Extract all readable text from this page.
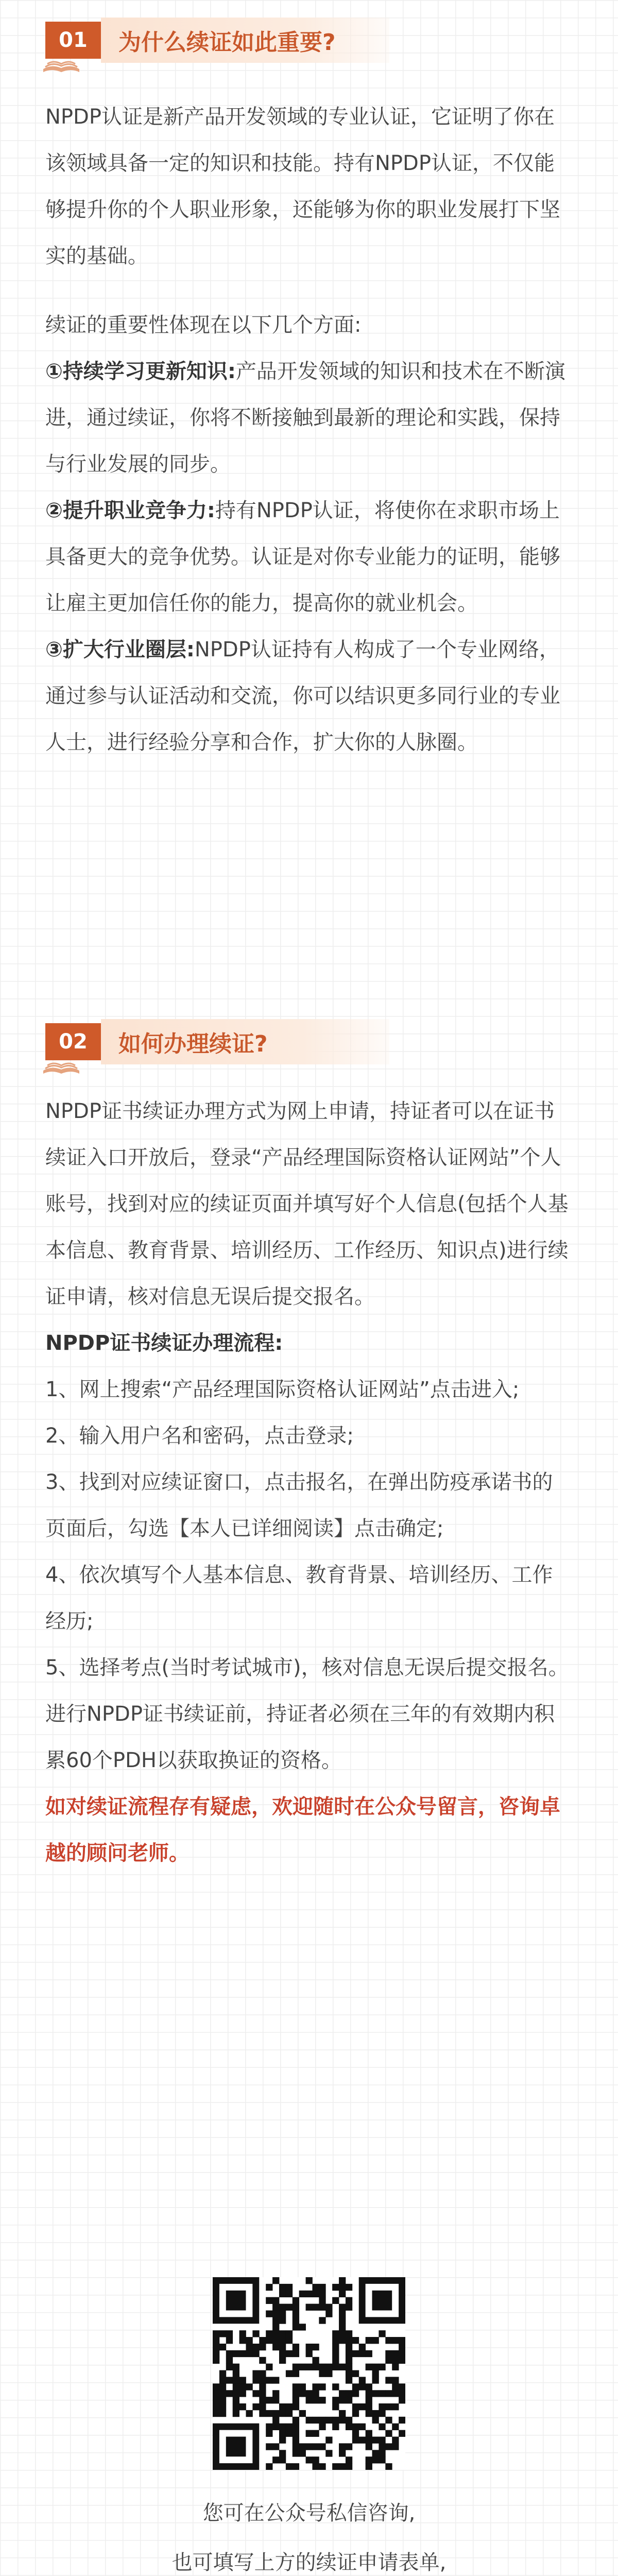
01	为什么续证如此重要?

NPDP认证是新产品开发领域的专业认证，它证明了你在该领域具备一定的知识和技能。持有NPDP认证，不仅能够提升你的个人职业形象，还能够为你的职业发展打下坚实的基础。

续证的重要性体现在以下几个方面:

①持续学习更新知识:产品开发领域的知识和技术在不断演进，通过续证，你将不断接触到最新的理论和实践，保持与行业发展的同步。

②提升职业竞争力:持有NPDP认证，将使你在求职市场上具备更大的竞争优势。认证是对你专业能力的证明，能够让雇主更加信任你的能力，提高你的就业机会。

③扩大行业圈层:NPDP认证持有人构成了一个专业网络，通过参与认证活动和交流，你可以结识更多同行业的专业人士，进行经验分享和合作，扩大你的人脉圈。

02	如何办理续证?

NPDP证书续证办理方式为网上申请，持证者可以在证书续证入口开放后，登录“产品经理国际资格认证网站”个人账号，找到对应的续证页面并填写好个人信息(包括个人基本信息、教育背景、培训经历、工作经历、知识点)进行续证申请，核对信息无误后提交报名。

NPDP证书续证办理流程:

1、网上搜索“产品经理国际资格认证网站”点击进入;

2、输入用户名和密码，点击登录;

3、找到对应续证窗口，点击报名，在弹出防疫承诺书的页面后，勾选【本人已详细阅读】点击确定;

4、依次填写个人基本信息、教育背景、培训经历、工作经历;

5、选择考点(当时考试城市)，核对信息无误后提交报名。

进行NPDP证书续证前，持证者必须在三年的有效期内积累60个PDH以获取换证的资格。

如对续证流程存有疑虑，欢迎随时在公众号留言，咨询卓越的顾问老师。

您可在公众号私信咨询,

也可填写上方的续证申请表单,
